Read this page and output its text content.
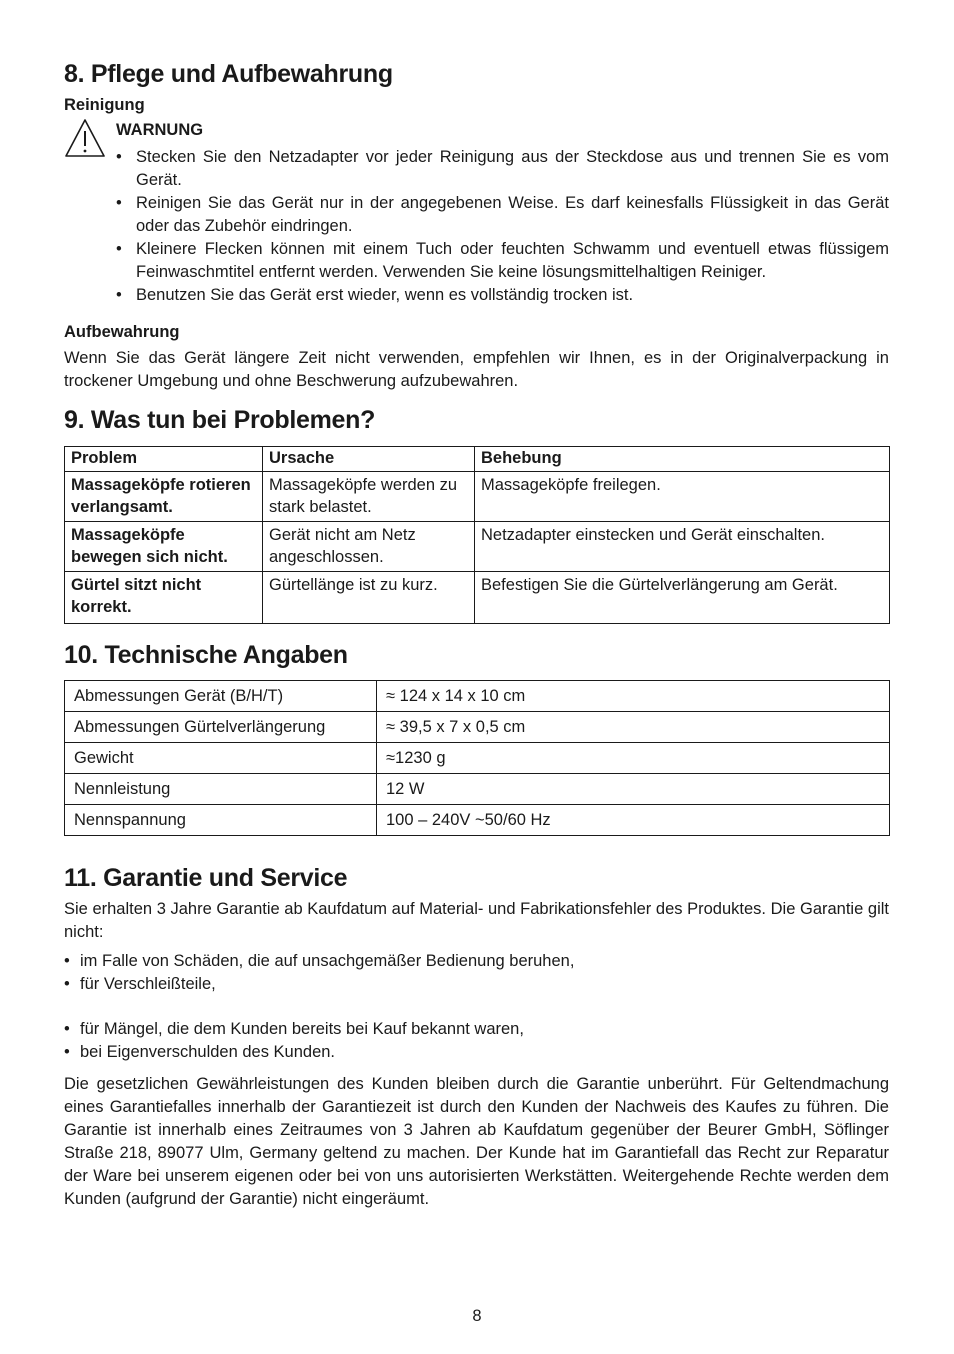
8. Pflege und Aufbewahrung
Reinigung
WARNUNG
• Stecken Sie den Netzadapter vor jeder Reinigung aus der Steckdose aus und trennen Sie es vom Gerät.
• Reinigen Sie das Gerät nur in der angegebenen Weise. Es darf keinesfalls Flüssigkeit in das Gerät oder das Zubehör eindringen.
• Kleinere Flecken können mit einem Tuch oder feuchten Schwamm und eventuell etwas flüssigem Feinwaschmtitel entfernt werden. Verwenden Sie keine lösungsmittelhaltigen Reiniger.
• Benutzen Sie das Gerät erst wieder, wenn es vollständig trocken ist.
Aufbewahrung
Wenn Sie das Gerät längere Zeit nicht verwenden, empfehlen wir Ihnen, es in der Originalverpackung in trockener Umgebung und ohne Beschwerung aufzubewahren.
9. Was tun bei Problemen?
Problem	Ursache	Behebung
Massageköpfe rotieren verlangsamt.	Massageköpfe werden zu stark belastet.	Massageköpfe freilegen.
Massageköpfe bewegen sich nicht.	Gerät nicht am Netz angeschlossen.	Netzadapter einstecken und Gerät einschalten.
Gürtel sitzt nicht korrekt.	Gürtellänge ist zu kurz.	Befestigen Sie die Gürtelverlängerung am Gerät.
10. Technische Angaben
Abmessungen Gerät (B/H/T)	≈ 124 x 14 x 10 cm
Abmessungen Gürtelverlängerung	≈ 39,5 x 7 x 0,5 cm
Gewicht	≈1230 g
Nennleistung	12 W
Nennspannung	100 – 240V ~50/60 Hz
11. Garantie und Service
Sie erhalten 3 Jahre Garantie ab Kaufdatum auf Material- und Fabrikationsfehler des Produktes. Die Garantie gilt nicht:
• im Falle von Schäden, die auf unsachgemäßer Bedienung beruhen,
• für Verschleißteile,
• für Mängel, die dem Kunden bereits bei Kauf bekannt waren,
• bei Eigenverschulden des Kunden.
Die gesetzlichen Gewährleistungen des Kunden bleiben durch die Garantie unberührt. Für Geltendmachung eines Garantiefalles innerhalb der Garantiezeit ist durch den Kunden der Nachweis des Kaufes zu führen. Die Garantie ist innerhalb eines Zeitraumes von 3 Jahren ab Kaufdatum gegenüber der Beurer GmbH, Söflinger Straße 218, 89077 Ulm, Germany geltend zu machen. Der Kunde hat im Garantiefall das Recht zur Reparatur der Ware bei unserem eigenen oder bei von uns autorisierten Werkstätten. Weitergehende Rechte werden dem Kunden (aufgrund der Garantie) nicht eingeräumt.
8
